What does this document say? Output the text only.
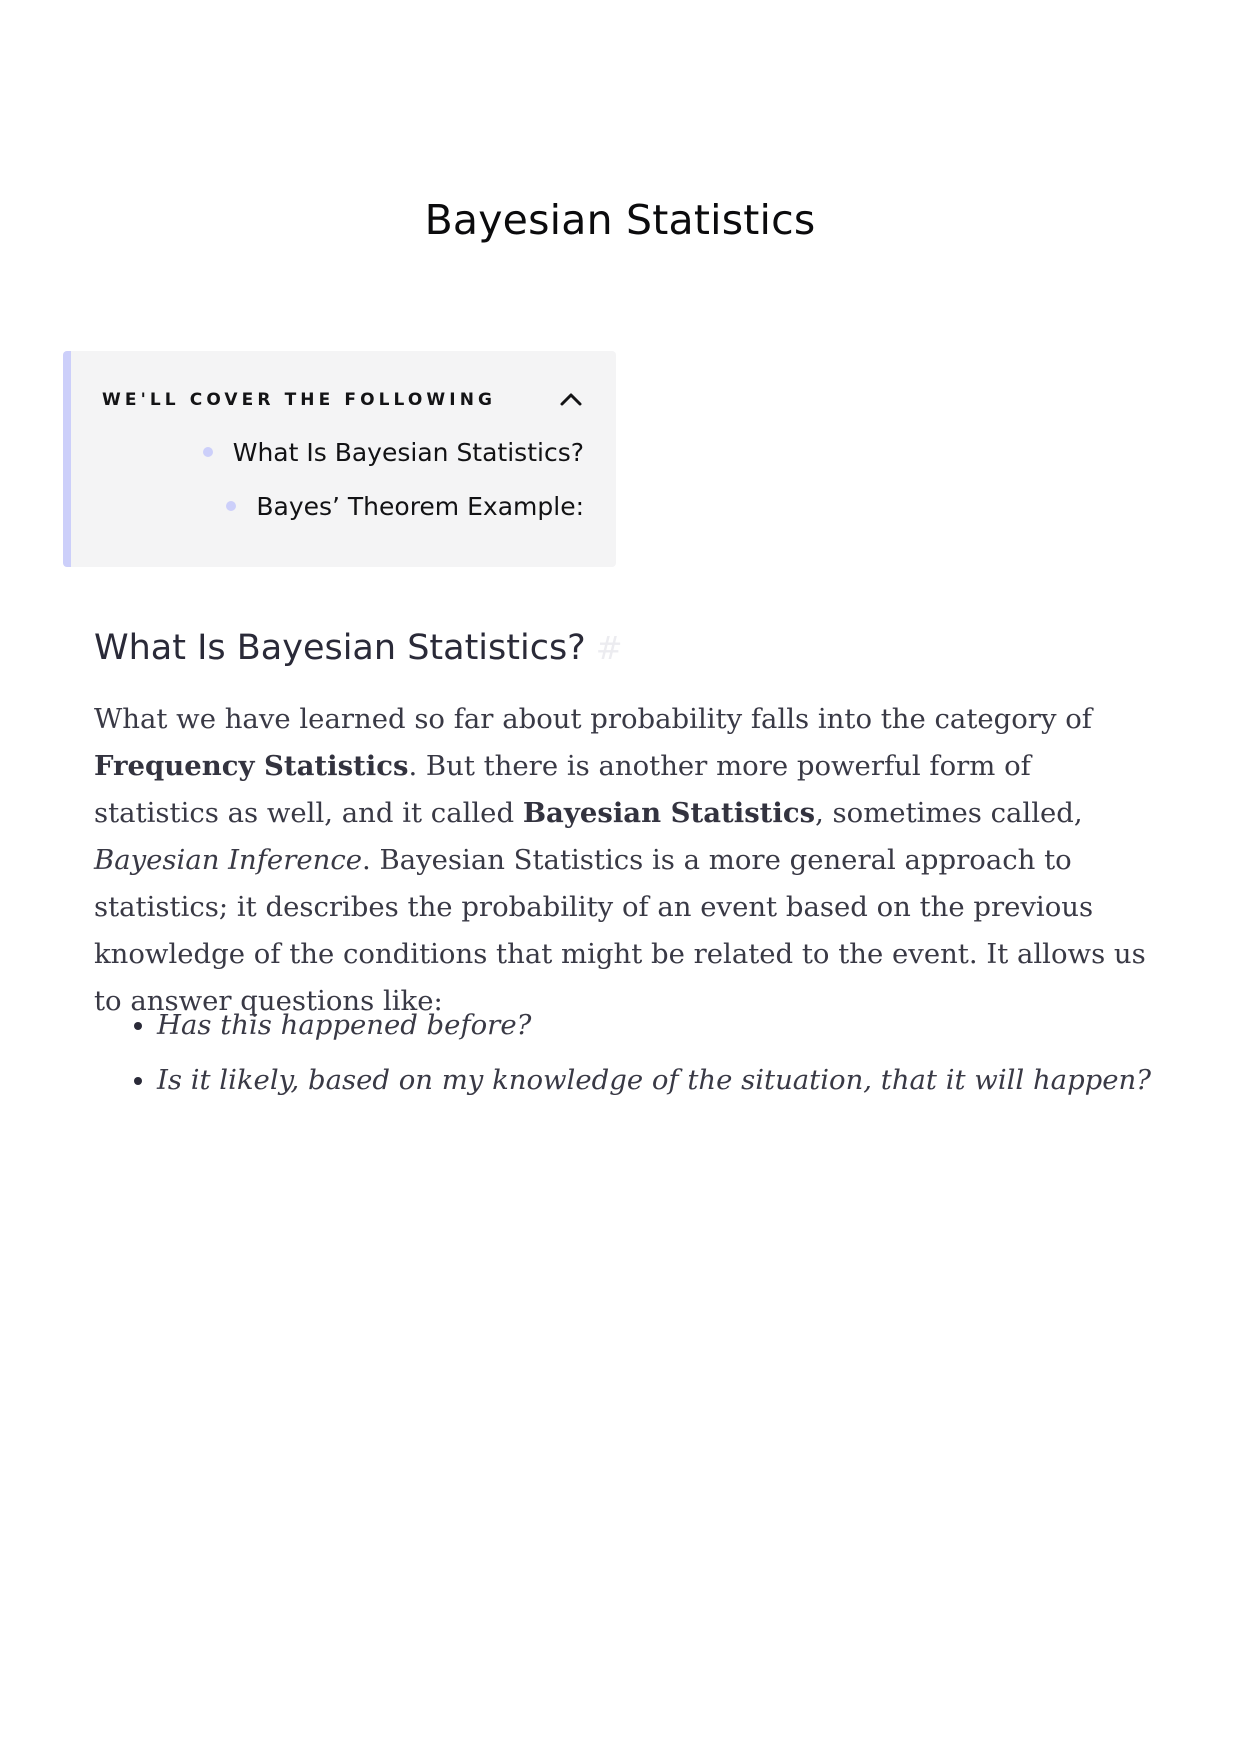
Bayesian Statistics
WE'LL COVER THE FOLLOWING
What Is Bayesian Statistics?
Bayes’ Theorem Example:
What Is Bayesian Statistics? #

What we have learned so far about probability falls into the category of Frequency Statistics. But there is another more powerful form of statistics as well, and it called Bayesian Statistics, sometimes called, Bayesian Inference. Bayesian Statistics is a more general approach to statistics; it describes the probability of an event based on the previous knowledge of the conditions that might be related to the event. It allows us to answer questions like:

• Has this happened before?
• Is it likely, based on my knowledge of the situation, that it will happen?
